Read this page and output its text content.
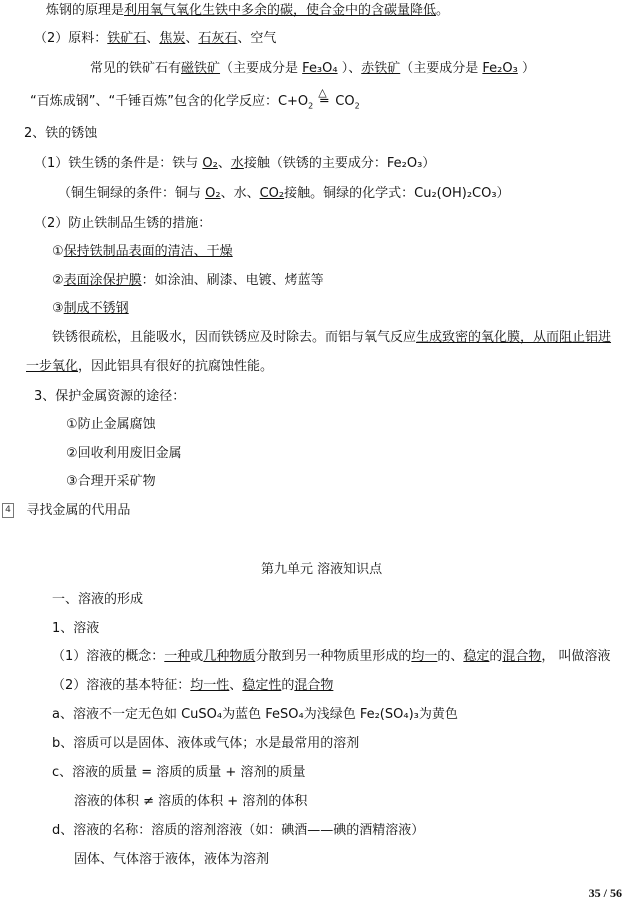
炼钢的原理是利用氧气氧化生铁中多余的碳，使合金中的含碳量降低。
（2）原料：铁矿石、焦炭、石灰石、空气
常见的铁矿石有磁铁矿（主要成分是 Fe₃O₄ ）、赤铁矿（主要成分是 Fe₂O₃ ）
“百炼成钢”、“千锤百炼”包含的化学反应：$C+O_2$
△
═ $CO_2$
2、铁的锈蚀
（1）铁生锈的条件是：铁与 O₂、水接触（铁锈的主要成分：Fe₂O₃）
（铜生铜绿的条件：铜与 O₂、水、CO₂接触。铜绿的化学式：Cu₂(OH)₂CO₃）
（2）防止铁制品生锈的措施：
①保持铁制品表面的清洁、干燥
②表面涂保护膜：如涂油、刷漆、电镀、烤蓝等
③制成不锈钢
铁锈很疏松，且能吸水，因而铁锈应及时除去。而铝与氧气反应生成致密的氧化膜，从而阻止铝进
一步氧化，因此铝具有很好的抗腐蚀性能。
3、保护金属资源的途径：
①防止金属腐蚀
②回收利用废旧金属
③合理开采矿物
4 寻找金属的代用品
第九单元 溶液知识点
一、溶液的形成
1、溶液
（1）溶液的概念：一种或几种物质分散到另一种物质里形成的均一的、稳定的混合物， 叫做溶液
（2）溶液的基本特征：均一性、稳定性的混合物
a、溶液不一定无色如 CuSO₄为蓝色 FeSO₄为浅绿色 Fe₂(SO₄)₃为黄色
b、溶质可以是固体、液体或气体；水是最常用的溶剂
c、溶液的质量 = 溶质的质量 + 溶剂的质量
溶液的体积 ≠ 溶质的体积 + 溶剂的体积
d、溶液的名称：溶质的溶剂溶液（如：碘酒——碘的酒精溶液）
固体、气体溶于液体，液体为溶剂
35 / 56
